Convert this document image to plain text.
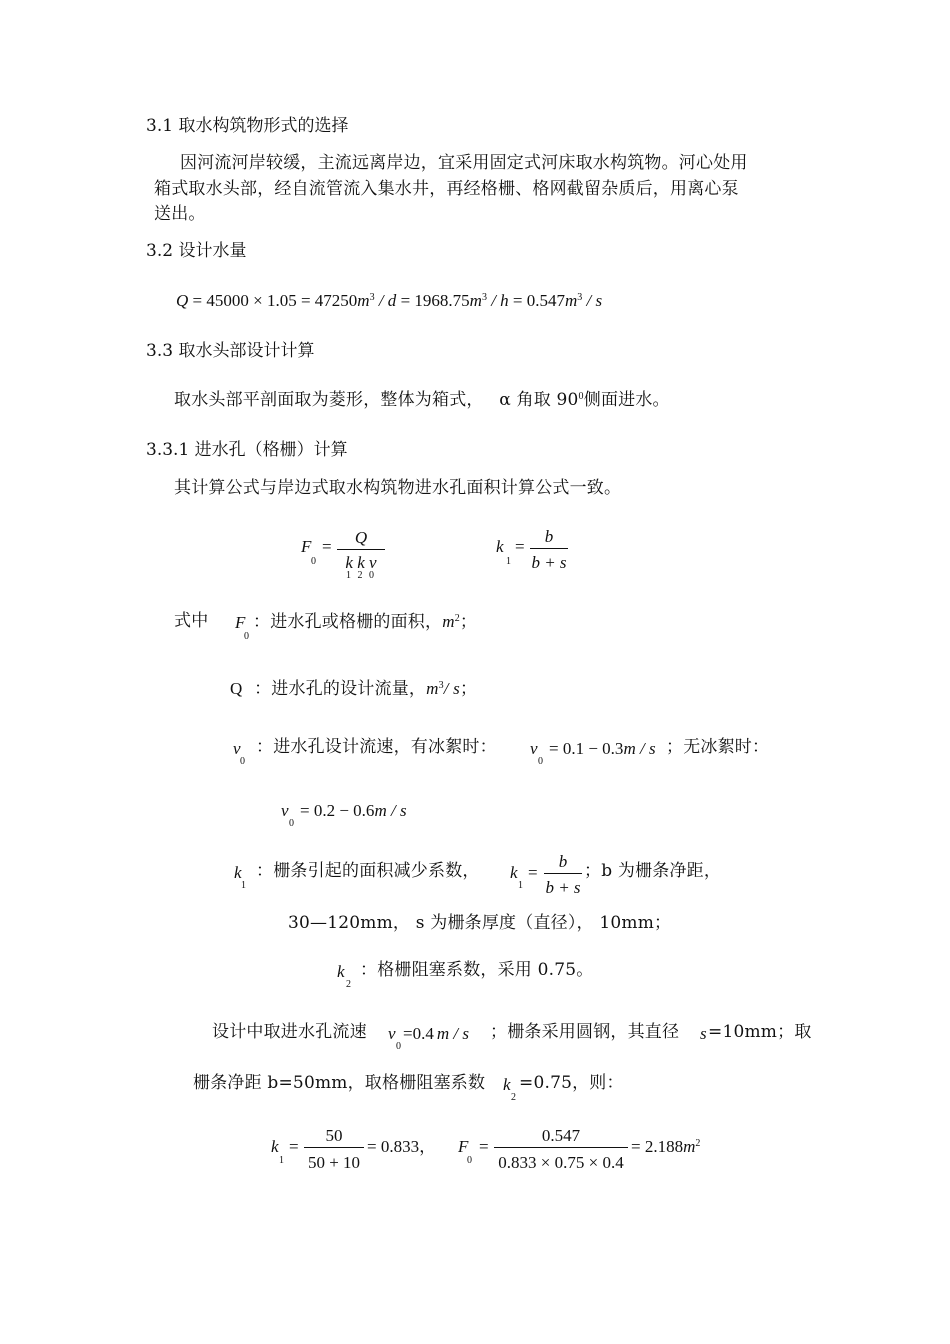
3.1 取水构筑物形式的选择
因河流河岸较缓，主流远离岸边，宜采用固定式河床取水构筑物。河心处用
箱式取水头部，经自流管流入集水井，再经格栅、格网截留杂质后，用离心泵
送出。
3.2 设计水量
$Q = 45000 \times 1.05 = 47250m^3 / d = 1968.75m^3 / h = 0.547m^3 / s$
3.3 取水头部设计计算
取水头部平剖面取为菱形，整体为箱式， α 角取 $90^0$侧面进水。
3.3.1 进水孔（格栅）计算
其计算公式与岸边式取水构筑物进水孔面积计算公式一致。
F
0
=	Q
k k v
1 2 0
k
1
=
b
b + s
式中 F
0
：进水孔或格栅的面积，$m^2$；
Q ：进水孔的设计流量，$m^3/$ s；
v
0
：进水孔设计流速，有冰絮时： v
0
= 0.1 − 0.3m / s ；无冰絮时：
v
0
= 0.2 − 0.6m / s
k
1
：栅条引起的面积减少系数， k
1
=
b
b + s
；b 为栅条净距，
30—120mm， s 为栅条厚度（直径）， 10mm；
k
2
：格栅阻塞系数，采用 0.75。
设计中取进水孔流速 v
0
=0.4 m / s ；栅条采用圆钢，其直径 s =10mm；取
栅条净距 b=50mm，取格栅阻塞系数 k
2
=0.75，则：
k
1
=
50
50 + 10
= 0.833， F
0
=
0.547
0.833 × 0.75 × 0.4
= $2.188m^2$
